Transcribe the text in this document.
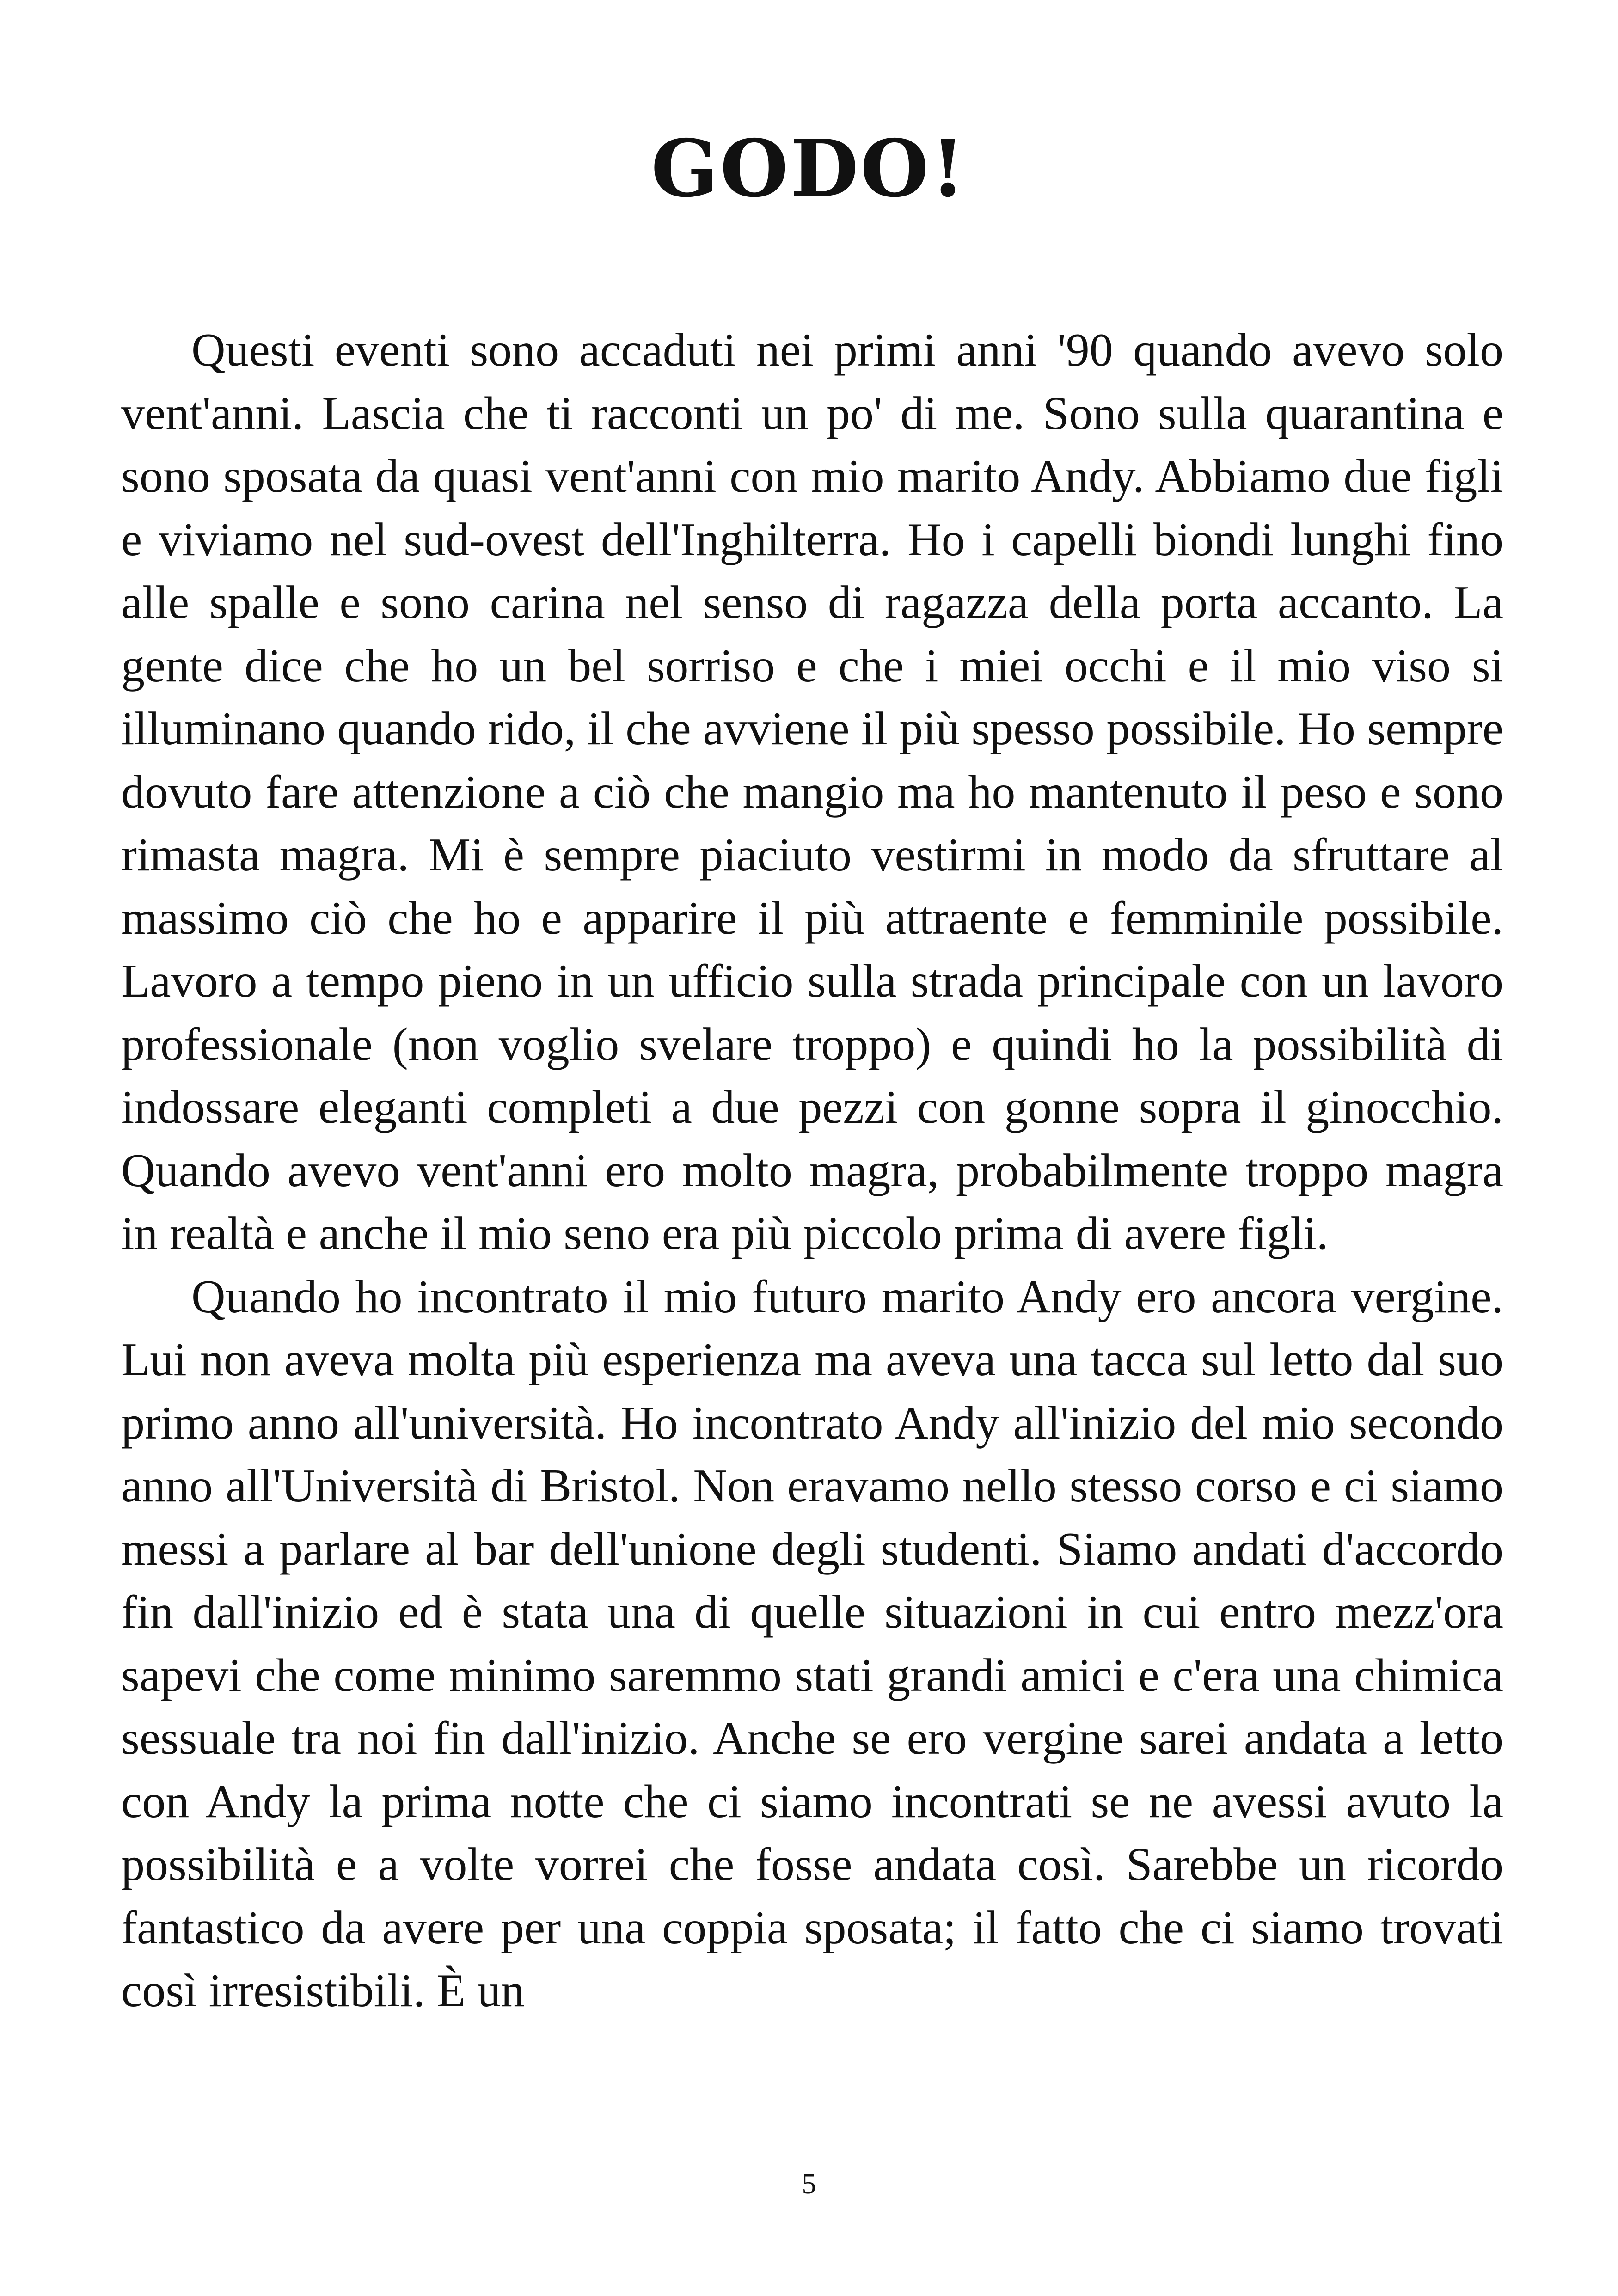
GODO!

Questi eventi sono accaduti nei primi anni '90 quando avevo solo vent'anni. Lascia che ti racconti un po' di me. Sono sulla quarantina e sono sposata da quasi vent'anni con mio marito Andy. Abbiamo due figli e viviamo nel sud-ovest dell'Inghilterra. Ho i capelli biondi lunghi fino alle spalle e sono carina nel senso di ragazza della porta accanto. La gente dice che ho un bel sorriso e che i miei occhi e il mio viso si illuminano quando rido, il che avviene il più spesso possibile. Ho sempre dovuto fare attenzione a ciò che mangio ma ho mantenuto il peso e sono rimasta magra. Mi è sempre piaciuto vestirmi in modo da sfruttare al massimo ciò che ho e apparire il più attraente e femminile possibile. Lavoro a tempo pieno in un ufficio sulla strada principale con un lavoro professionale (non voglio svelare troppo) e quindi ho la possibilità di indossare eleganti completi a due pezzi con gonne sopra il ginocchio. Quando avevo vent'anni ero molto magra, probabilmente troppo magra in realtà e anche il mio seno era più piccolo prima di avere figli.

Quando ho incontrato il mio futuro marito Andy ero ancora vergine. Lui non aveva molta più esperienza ma aveva una tacca sul letto dal suo primo anno all'università. Ho incontrato Andy all'inizio del mio secondo anno all'Università di Bristol. Non eravamo nello stesso corso e ci siamo messi a parlare al bar dell'unione degli studenti. Siamo andati d'accordo fin dall'inizio ed è stata una di quelle situazioni in cui entro mezz'ora sapevi che come minimo saremmo stati grandi amici e c'era una chimica sessuale tra noi fin dall'inizio. Anche se ero vergine sarei andata a letto con Andy la prima notte che ci siamo incontrati se ne avessi avuto la possibilità e a volte vorrei che fosse andata così. Sarebbe un ricordo fantastico da avere per una coppia sposata; il fatto che ci siamo trovati così irresistibili. È un

5
